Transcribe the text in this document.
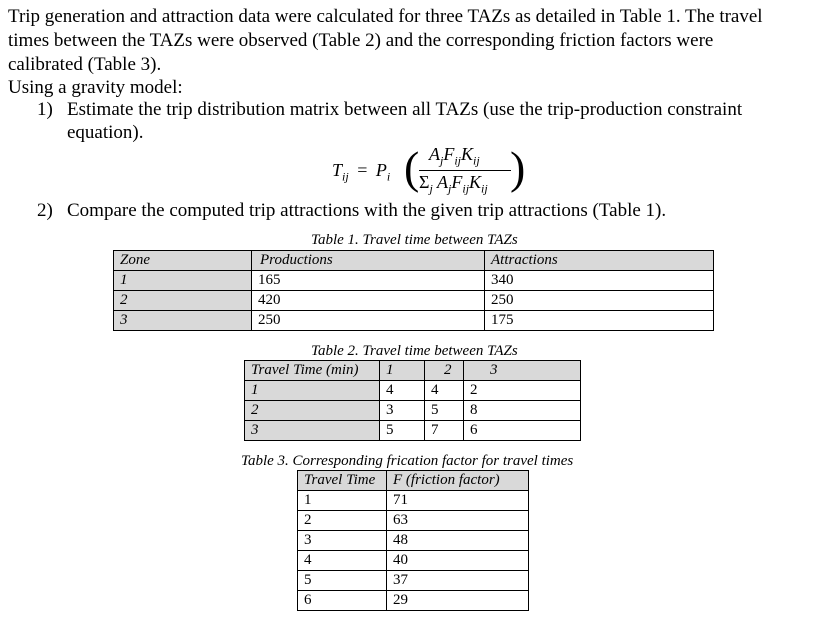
Trip generation and attraction data were calculated for three TAZs as detailed in Table 1. The travel
times between the TAZs were observed (Table 2) and the corresponding friction factors were
calibrated (Table 3).
Using a gravity model:
1) Estimate the trip distribution matrix between all TAZs (use the trip-production constraint
equation).
$T_{ij} = P_i$ ( $A_jF_{ij}K_{ij}$
$\Sigma_j$ $A_jF_{ij}K_{ij}$ )
2) Compare the computed trip attractions with the given trip attractions (Table 1).
Table 1. Travel time between TAZs
Zone	Productions	Attractions
1	165	340
2	420	250
3	250	175
Table 2. Travel time between TAZs
Travel Time (min)	1	2	3
1	4	4	2
2	3	5	8
3	5	7	6
Table 3. Corresponding frication factor for travel times
Travel Time	F (friction factor)
1	71
2	63
3	48
4	40
5	37
6	29
